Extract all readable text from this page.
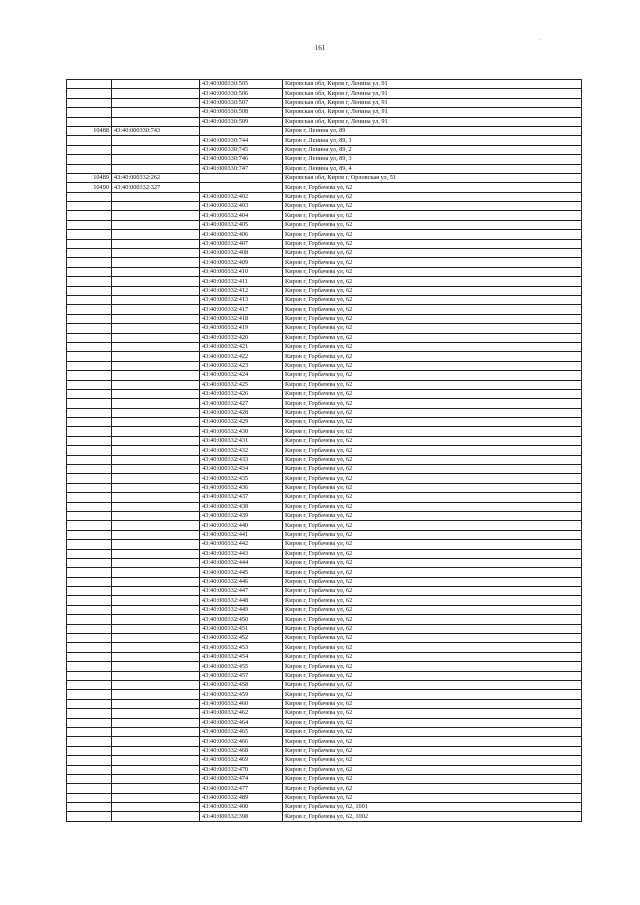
161
.
		43:40:000330:505	Кировская обл, Киров г, Ленина ул, 91
		43:40:000330:506	Кировская обл, Киров г, Ленина ул, 91
		43:40:000330:507	Кировская обл, Киров г, Ленина ул, 91
		43:40:000330:508	Кировская обл, Киров г, Ленина ул, 91
		43:40:000330:509	Кировская обл, Киров г, Ленина ул, 91
10488	43:40:000330:743		Киров г, Ленина ул, 89
		43:40:000330:744	Киров г, Ленина ул, 89, 1
		43:40:000330:745	Киров г, Ленина ул, 89, 2
		43:40:000330:746	Киров г, Ленина ул, 89, 3
		43:40:000330:747	Киров г, Ленина ул, 89, 4
10489	43:40:000332:262		Кировская обл, Киров г, Орловская ул, 51
10490	43:40:000332:327		Киров г, Горбачева ул, 62
		43:40:000332:402	Киров г, Горбачева ул, 62
		43:40:000332:403	Киров г, Горбачева ул, 62
		43:40:000332:404	Киров г, Горбачева ул, 62
		43:40:000332:405	Киров г, Горбачева ул, 62
		43:40:000332:406	Киров г, Горбачева ул, 62
		43:40:000332:407	Киров г, Горбачева ул, 62
		43:40:000332:408	Киров г, Горбачева ул, 62
		43:40:000332:409	Киров г, Горбачева ул, 62
		43:40:000332:410	Киров г, Горбачева ул, 62
		43:40:000332:411	Киров г, Горбачева ул, 62
		43:40:000332:412	Киров г, Горбачева ул, 62
		43:40:000332:413	Киров г, Горбачева ул, 62
		43:40:000332:417	Киров г, Горбачева ул, 62
		43:40:000332:418	Киров г, Горбачева ул, 62
		43:40:000332:419	Киров г, Горбачева ул, 62
		43:40:000332:420	Киров г, Горбачева ул, 62
		43:40:000332:421	Киров г, Горбачева ул, 62
		43:40:000332:422	Киров г, Горбачева ул, 62
		43:40:000332:423	Киров г, Горбачева ул, 62
		43:40:000332:424	Киров г, Горбачева ул, 62
		43:40:000332:425	Киров г, Горбачева ул, 62
		43:40:000332:426	Киров г, Горбачева ул, 62
		43:40:000332:427	Киров г, Горбачева ул, 62
		43:40:000332:428	Киров г, Горбачева ул, 62
		43:40:000332:429	Киров г, Горбачева ул, 62
		43:40:000332:430	Киров г, Горбачева ул, 62
		43:40:000332:431	Киров г, Горбачева ул, 62
		43:40:000332:432	Киров г, Горбачева ул, 62
		43:40:000332:433	Киров г, Горбачева ул, 62
		43:40:000332:434	Киров г, Горбачева ул, 62
		43:40:000332:435	Киров г, Горбачева ул, 62
		43:40:000332:436	Киров г, Горбачева ул, 62
		43:40:000332:437	Киров г, Горбачева ул, 62
		43:40:000332:438	Киров г, Горбачева ул, 62
		43:40:000332:439	Киров г, Горбачева ул, 62
		43:40:000332:440	Киров г, Горбачева ул, 62
		43:40:000332:441	Киров г, Горбачева ул, 62
		43:40:000332:442	Киров г, Горбачева ул, 62
		43:40:000332:443	Киров г, Горбачева ул, 62
		43:40:000332:444	Киров г, Горбачева ул, 62
		43:40:000332:445	Киров г, Горбачева ул, 62
		43:40:000332:446	Киров г, Горбачева ул, 62
		43:40:000332:447	Киров г, Горбачева ул, 62
		43:40:000332:448	Киров г, Горбачева ул, 62
		43:40:000332:449	Киров г, Горбачева ул, 62
		43:40:000332:450	Киров г, Горбачева ул, 62
		43:40:000332:451	Киров г, Горбачева ул, 62
		43:40:000332:452	Киров г, Горбачева ул, 62
		43:40:000332:453	Киров г, Горбачева ул, 62
		43:40:000332:454	Киров г, Горбачева ул, 62
		43:40:000332:455	Киров г, Горбачева ул, 62
		43:40:000332:457	Киров г, Горбачева ул, 62
		43:40:000332:458	Киров г, Горбачева ул, 62
		43:40:000332:459	Киров г, Горбачева ул, 62
		43:40:000332:460	Киров г, Горбачева ул, 62
		43:40:000332:462	Киров г, Горбачева ул, 62
		43:40:000332:464	Киров г, Горбачева ул, 62
		43:40:000332:465	Киров г, Горбачева ул, 62
		43:40:000332:466	Киров г, Горбачева ул, 62
		43:40:000332:468	Киров г, Горбачева ул, 62
		43:40:000332:469	Киров г, Горбачева ул, 62
		43:40:000332:470	Киров г, Горбачева ул, 62
		43:40:000332:474	Киров г, Горбачева ул, 62
		43:40:000332:477	Киров г, Горбачева ул, 62
		43:40:000332:489	Киров г, Горбачева ул, 62
		43:40:000332:400	Киров г, Горбачева ул, 62, 1001
		43:40:000332:398	Киров г, Горбачева ул, 62, 1002
